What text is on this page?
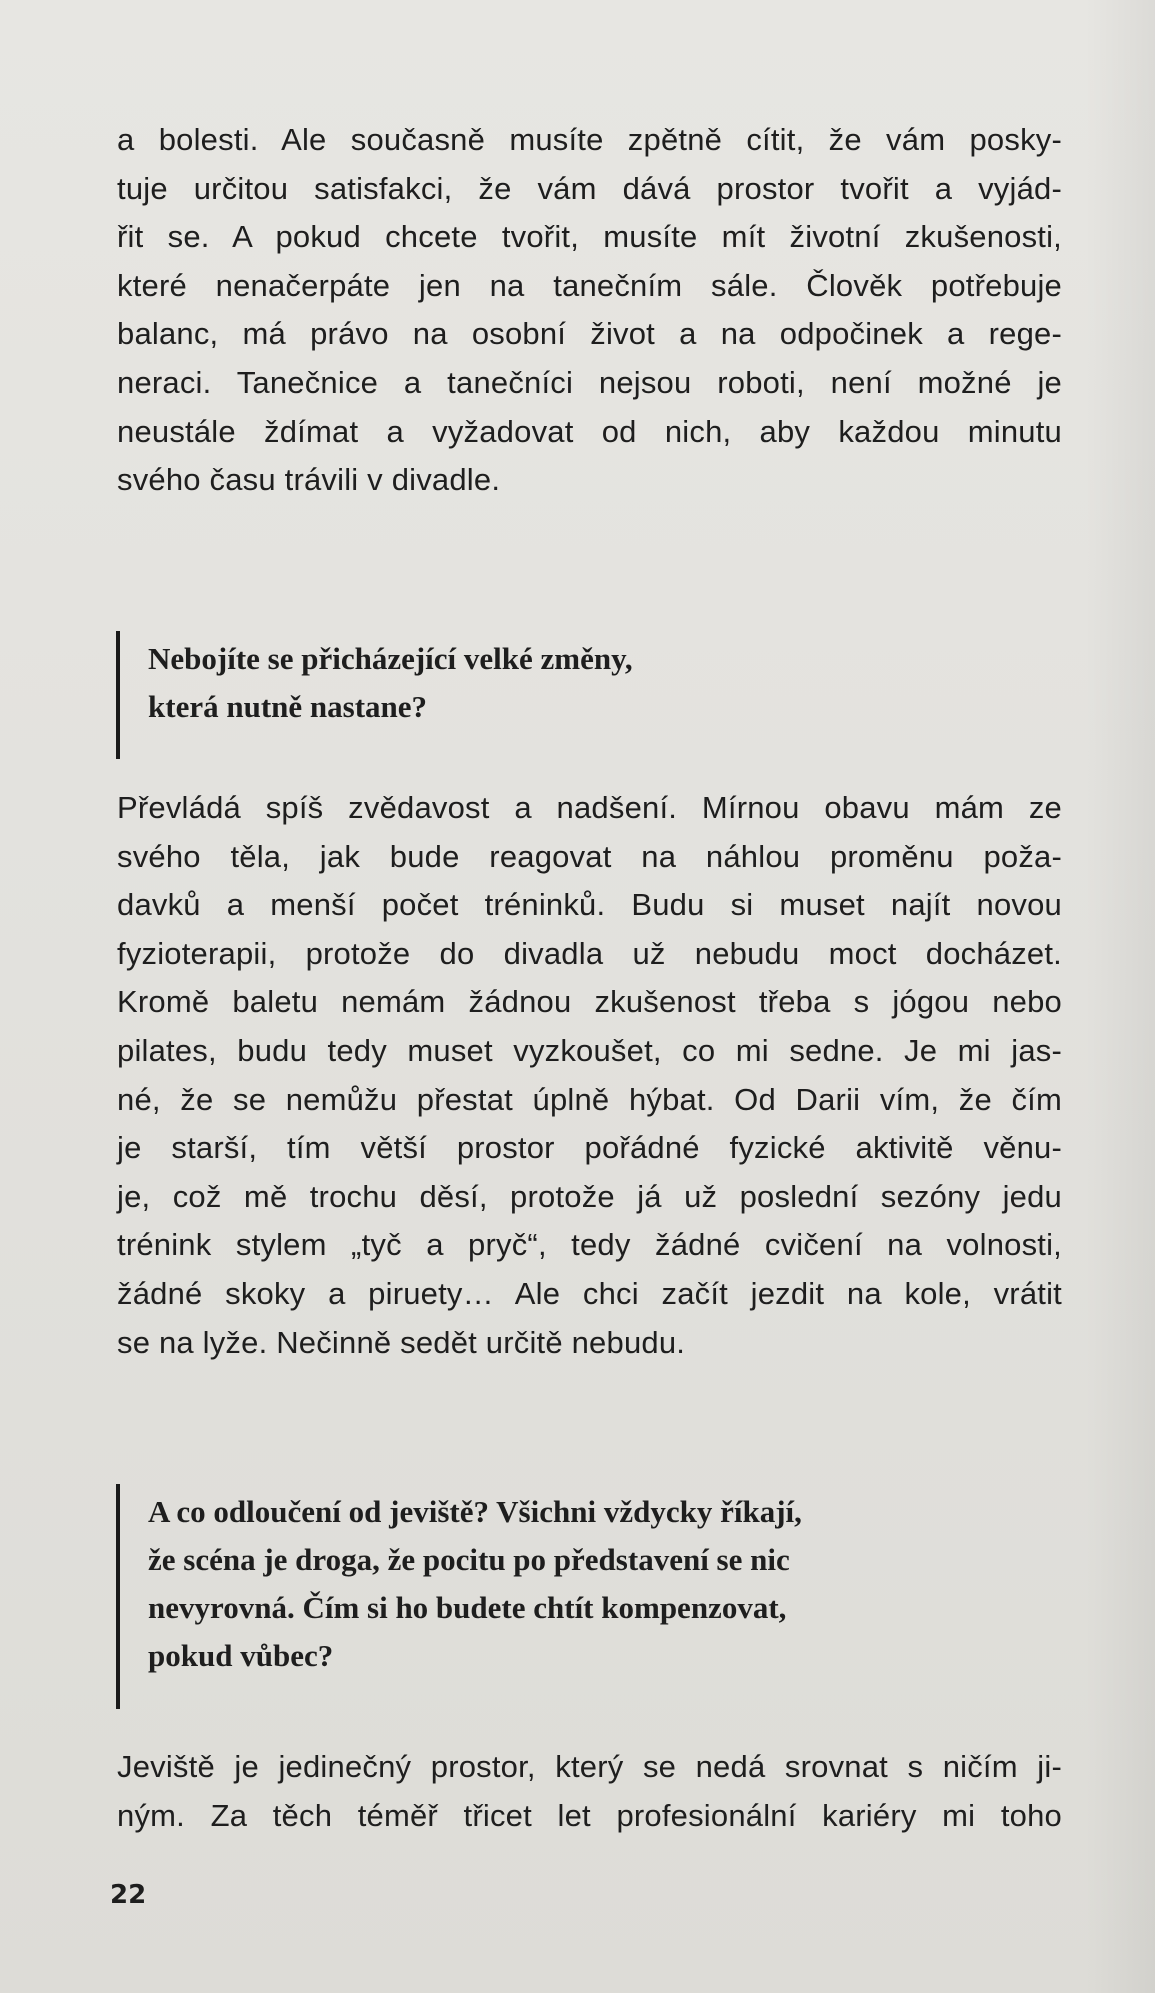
a bolesti. Ale současně musíte zpětně cítit, že vám posky-
tuje určitou satisfakci, že vám dává prostor tvořit a vyjád-
řit se. A pokud chcete tvořit, musíte mít životní zkušenosti,
které nenačerpáte jen na tanečním sále. Člověk potřebuje
balanc, má právo na osobní život a na odpočinek a rege-
neraci. Tanečnice a tanečníci nejsou roboti, není možné je
neustále ždímat a vyžadovat od nich, aby každou minutu
svého času trávili v divadle.

Nebojíte se přicházející velké změny,
která nutně nastane?

Převládá spíš zvědavost a nadšení. Mírnou obavu mám ze
svého těla, jak bude reagovat na náhlou proměnu poža-
davků a menší počet tréninků. Budu si muset najít novou
fyzioterapii, protože do divadla už nebudu moct docházet.
Kromě baletu nemám žádnou zkušenost třeba s jógou nebo
pilates, budu tedy muset vyzkoušet, co mi sedne. Je mi jas-
né, že se nemůžu přestat úplně hýbat. Od Darii vím, že čím
je starší, tím větší prostor pořádné fyzické aktivitě věnu-
je, což mě trochu děsí, protože já už poslední sezóny jedu
trénink stylem „tyč a pryč“, tedy žádné cvičení na volnosti,
žádné skoky a piruety… Ale chci začít jezdit na kole, vrátit
se na lyže. Nečinně sedět určitě nebudu.

A co odloučení od jeviště? Všichni vždycky říkají,
že scéna je droga, že pocitu po představení se nic
nevyrovná. Čím si ho budete chtít kompenzovat,
pokud vůbec?

Jeviště je jedinečný prostor, který se nedá srovnat s ničím ji-
ným. Za těch téměř třicet let profesionální kariéry mi toho

22
